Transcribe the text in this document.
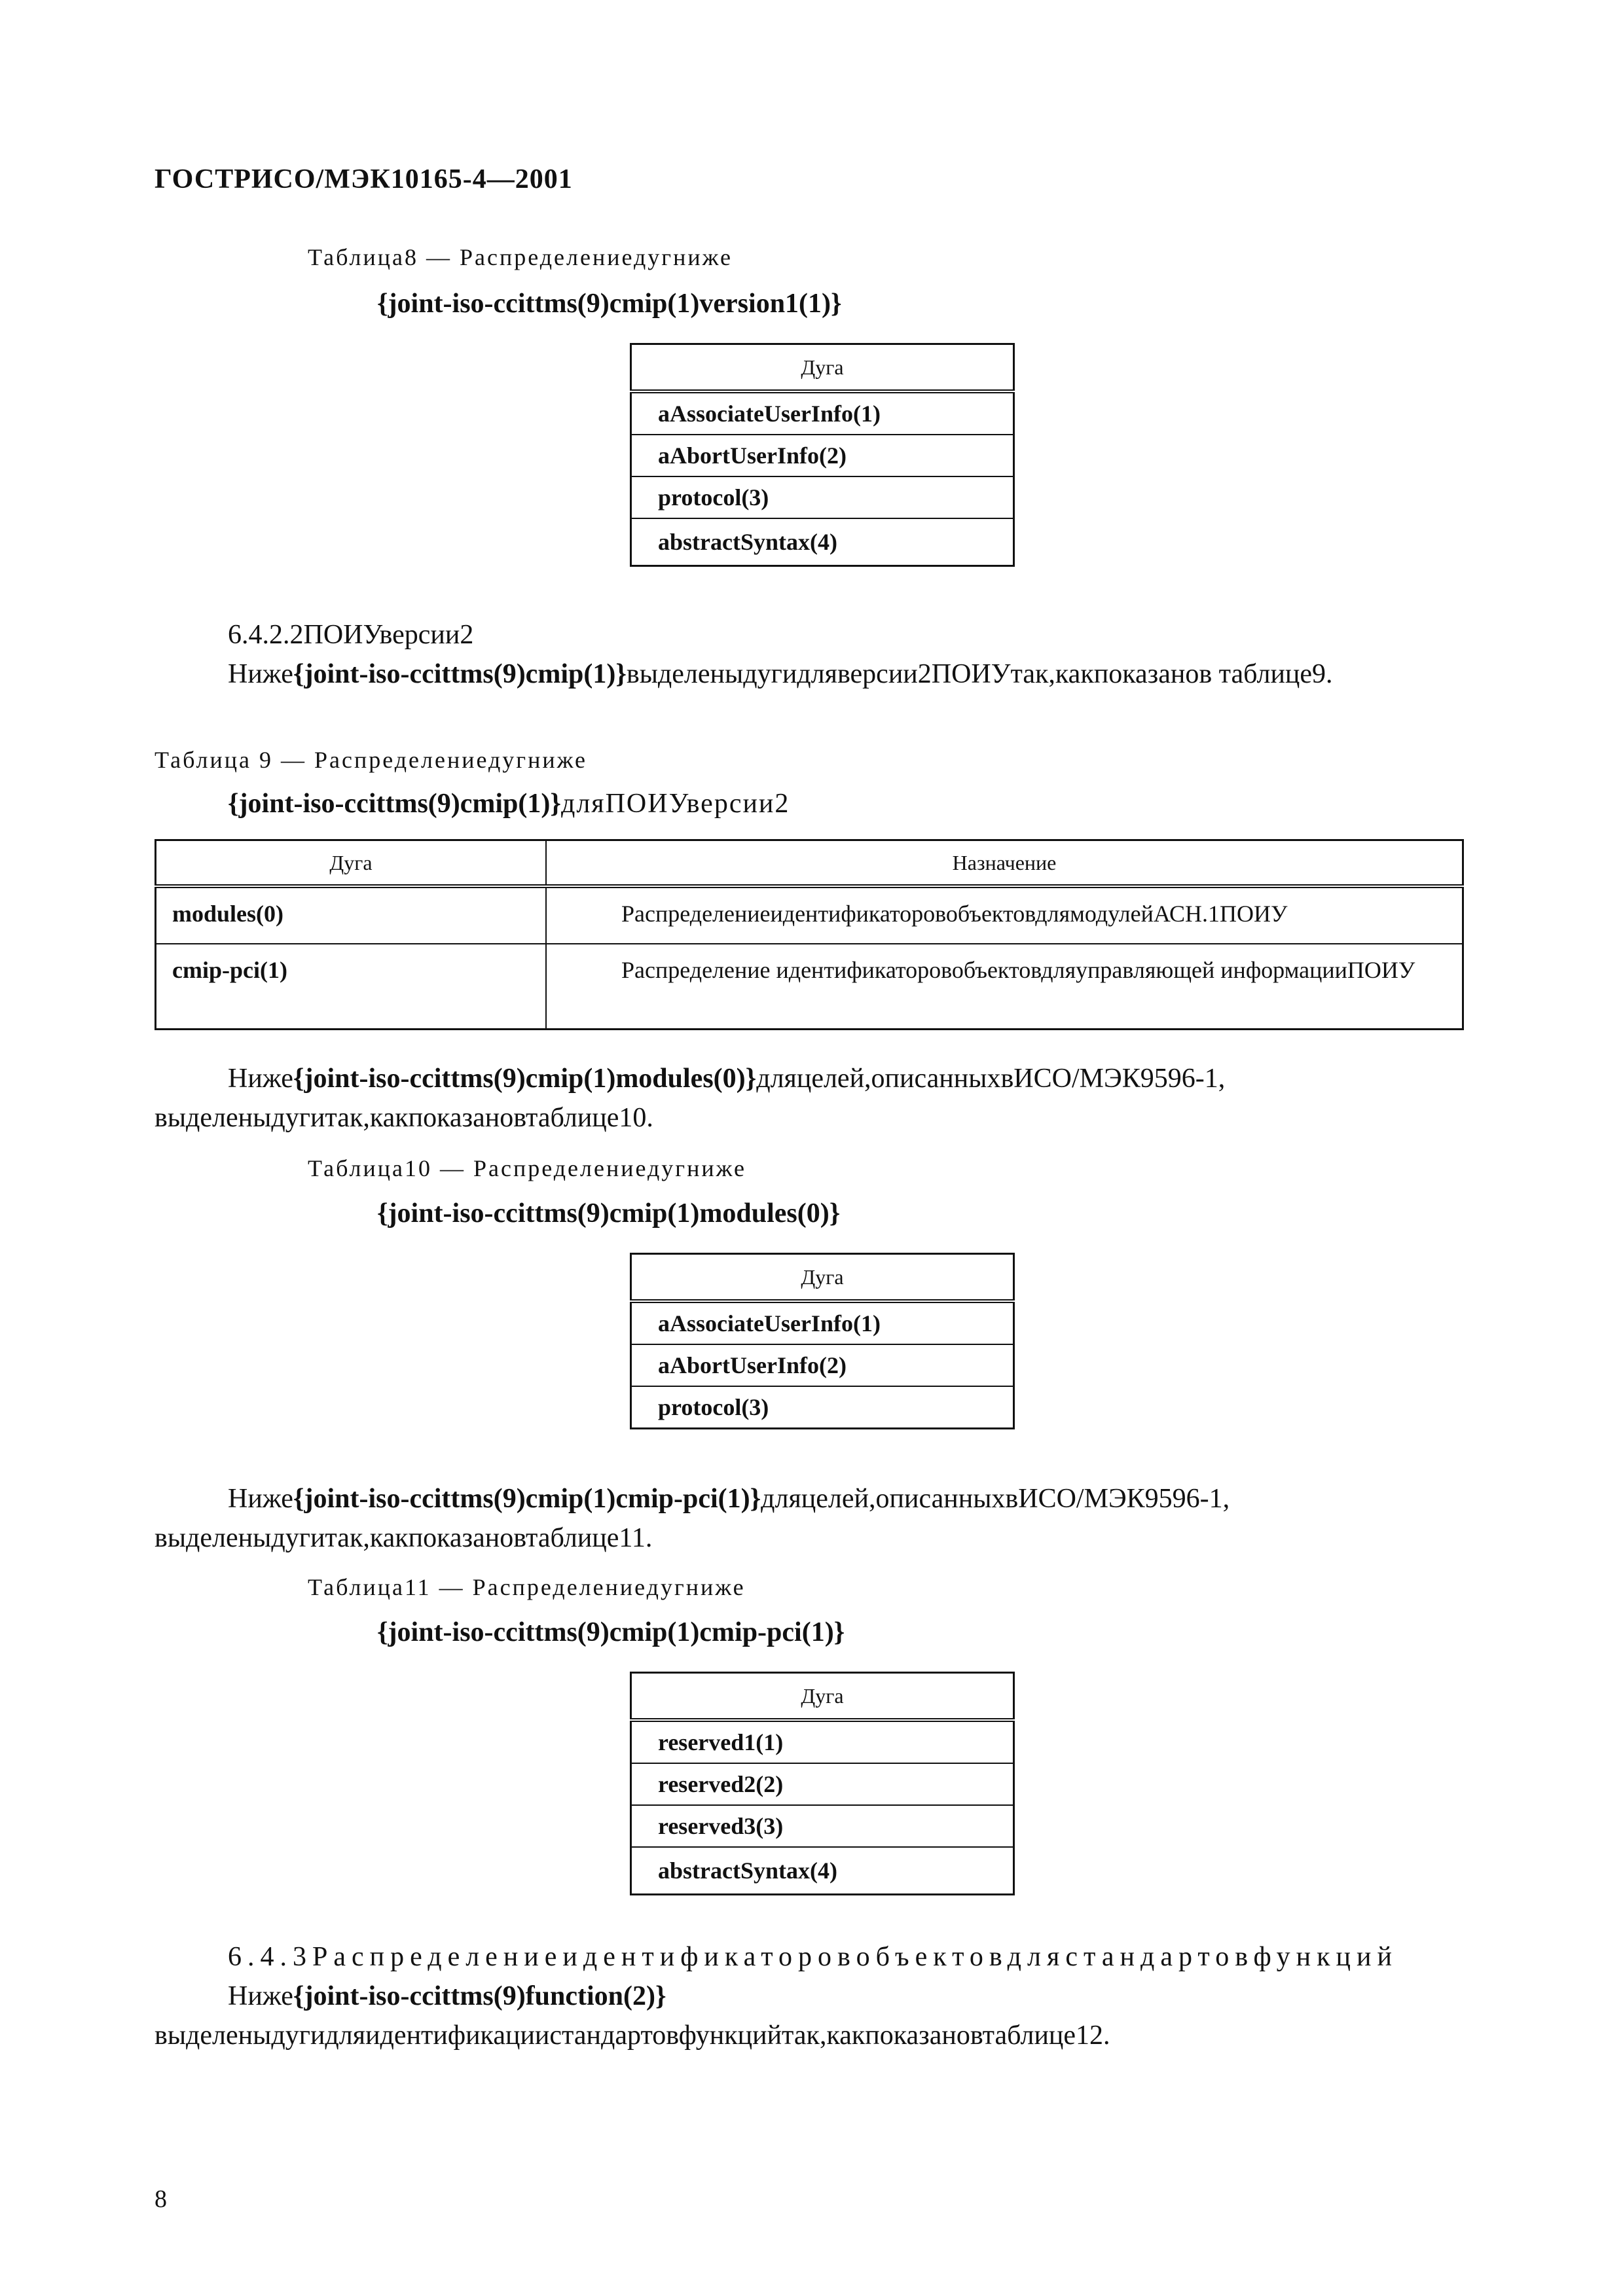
ГОСТРИСО/МЭК10165-4—2001
Таблица8 — Распределениедугниже
{joint-iso-ccittms(9)cmip(1)version1(1)}
Дуга
aAssociateUserInfo(1)
aAbortUserInfo(2)
protocol(3)
abstractSyntax(4)
6.4.2.2ПОИУверсии2
Ниже{joint-iso-ccittms(9)cmip(1)}выделеныдугидляверсии2ПОИУтак,какпоказанов таблице9.
Таблица 9 — Распределениедугниже
{joint-iso-ccittms(9)cmip(1)}дляПОИУверсии2
Дуга	Назначение
modules(0)	РаспределениеидентификаторовобъектовдлямодулейАСН.1ПОИУ
cmip-pci(1)	Распределение идентификаторовобъектовдляуправляющей информацииПОИУ
Ниже{joint-iso-ccittms(9)cmip(1)modules(0)}дляцелей,описанныхвИСО/МЭК9596-1, выделеныдугитак,какпоказановтаблице10.
Таблица10 — Распределениедугниже
{joint-iso-ccittms(9)cmip(1)modules(0)}
Дуга
aAssociateUserInfo(1)
aAbortUserInfo(2)
protocol(3)
Ниже{joint-iso-ccittms(9)cmip(1)cmip-pci(1)}дляцелей,описанныхвИСО/МЭК9596-1, выделеныдугитак,какпоказановтаблице11.
Таблица11 — Распределениедугниже
{joint-iso-ccittms(9)cmip(1)cmip-pci(1)}
Дуга
reserved1(1)
reserved2(2)
reserved3(3)
abstractSyntax(4)
6.4.3Распределениеидентификаторовобъектовдлястандартовфункций
Ниже{joint-iso-ccittms(9)function(2)}выделеныдугидляидентификациистандартовфункцийтак,какпоказановтаблице12.
8
